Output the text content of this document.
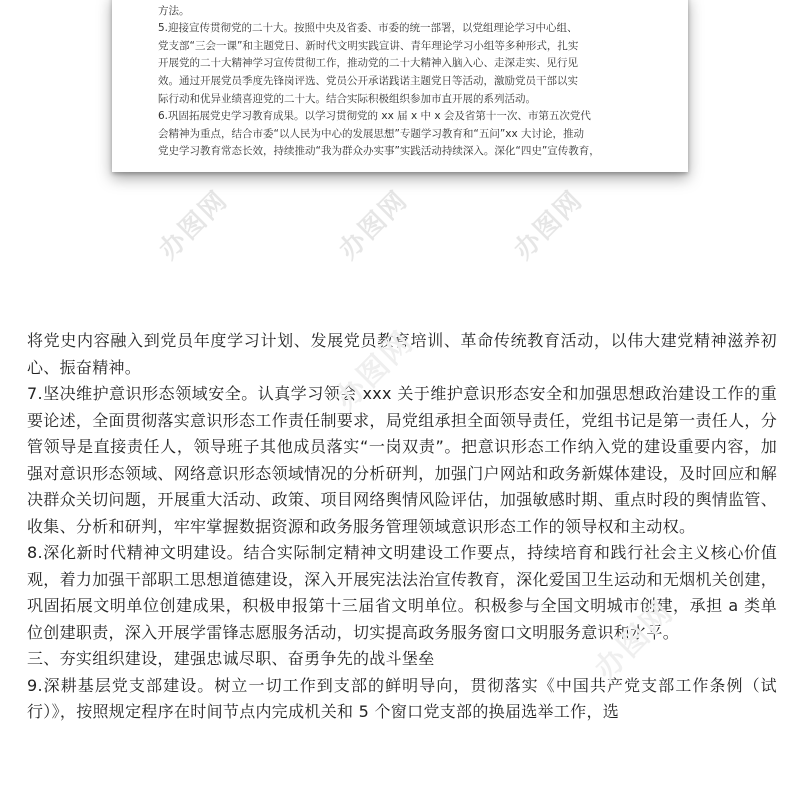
办图网	办图网	办图网

方法。

5.迎接宣传贯彻党的二十大。按照中央及省委、市委的统一部署，以党组理论学习中心组、

党支部“三会一课”和主题党日、新时代文明实践宣讲、青年理论学习小组等多种形式，扎实

开展党的二十大精神学习宣传贯彻工作，推动党的二十大精神入脑入心、走深走实、见行见

效。通过开展党员季度先锋岗评选、党员公开承诺践诺主题党日等活动，激励党员干部以实

际行动和优异业绩喜迎党的二十大。结合实际积极组织参加市直开展的系列活动。

6.巩固拓展党史学习教育成果。以学习贯彻党的 xx 届 x 中 x 会及省第十一次、市第五次党代

会精神为重点，结合市委“以人民为中心的发展思想”专题学习教育和“五问”xx 大讨论，推动

党史学习教育常态长效，持续推动“我为群众办实事”实践活动持续深入。深化“四史”宣传教育，

办图网
办图网

将党史内容融入到党员年度学习计划、发展党员教育培训、革命传统教育活动，以伟大建党精神滋养初心、振奋精神。

7.坚决维护意识形态领域安全。认真学习领会 xxx 关于维护意识形态安全和加强思想政治建设工作的重要论述，全面贯彻落实意识形态工作责任制要求，局党组承担全面领导责任，党组书记是第一责任人，分管领导是直接责任人，领导班子其他成员落实“一岗双责”。把意识形态工作纳入党的建设重要内容，加强对意识形态领域、网络意识形态领域情况的分析研判，加强门户网站和政务新媒体建设，及时回应和解决群众关切问题，开展重大活动、政策、项目网络舆情风险评估，加强敏感时期、重点时段的舆情监管、收集、分析和研判，牢牢掌握数据资源和政务服务管理领域意识形态工作的领导权和主动权。

8.深化新时代精神文明建设。结合实际制定精神文明建设工作要点，持续培育和践行社会主义核心价值观，着力加强干部职工思想道德建设，深入开展宪法法治宣传教育，深化爱国卫生运动和无烟机关创建，巩固拓展文明单位创建成果，积极申报第十三届省文明单位。积极参与全国文明城市创建，承担 a 类单位创建职责，深入开展学雷锋志愿服务活动，切实提高政务服务窗口文明服务意识和水平。

三、夯实组织建设，建强忠诚尽职、奋勇争先的战斗堡垒

9.深耕基层党支部建设。树立一切工作到支部的鲜明导向，贯彻落实《中国共产党支部工作条例（试行）》，按照规定程序在时间节点内完成机关和 5 个窗口党支部的换届选举工作，选
